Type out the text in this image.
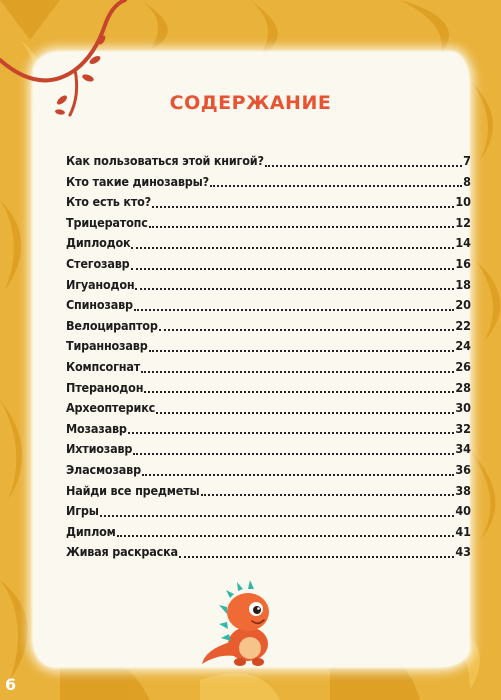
СОДЕРЖАНИЕ
Как пользоваться этой книгой?	7
Кто такие динозавры?	8
Кто есть кто?	10
Трицератопс	12
Диплодок	14
Стегозавр	16
Игуанодон	18
Спинозавр	20
Велоцираптор	22
Тираннозавр	24
Компсогнат	26
Птеранодон	28
Археоптерикс	30
Мозазавр	32
Ихтиозавр	34
Эласмозавр	36
Найди все предметы	38
Игры	40
Диплом	41
Живая раскраска	43
6
